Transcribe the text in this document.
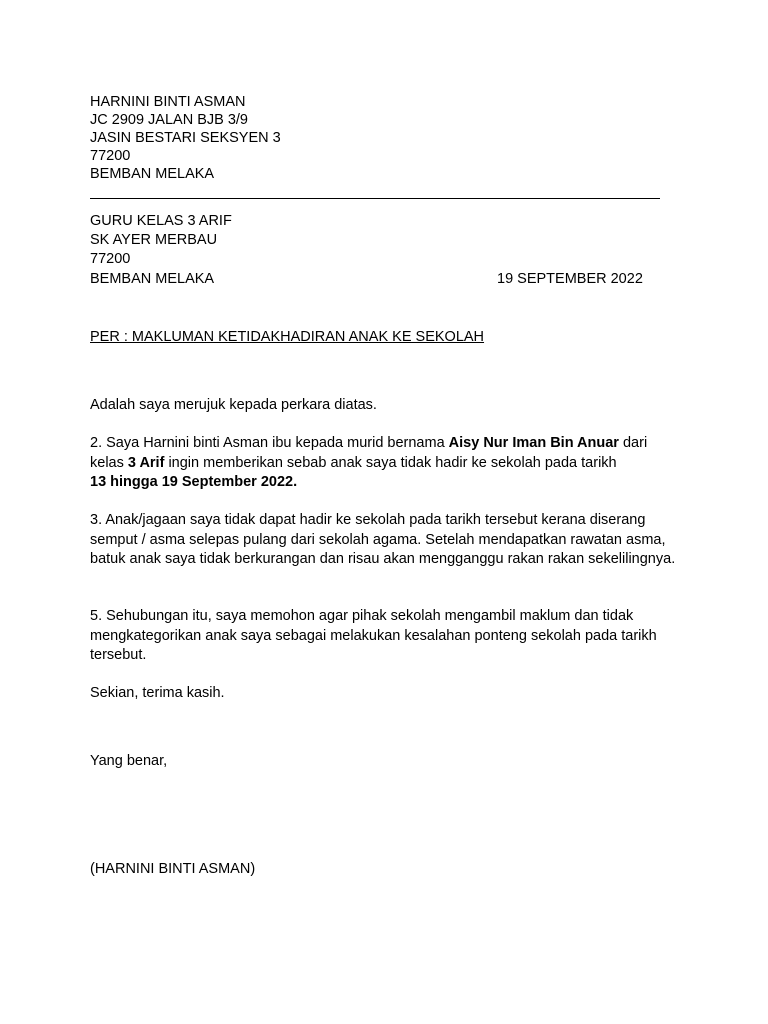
HARNINI BINTI ASMAN
JC 2909 JALAN BJB 3/9
JASIN BESTARI SEKSYEN 3
77200
BEMBAN MELAKA
GURU KELAS 3 ARIF
SK AYER MERBAU
77200
BEMBAN MELAKA	19 SEPTEMBER 2022
PER : MAKLUMAN KETIDAKHADIRAN ANAK KE SEKOLAH
Adalah saya merujuk kepada perkara diatas.
2. Saya Harnini binti Asman ibu kepada murid bernama Aisy Nur Iman Bin Anuar dari kelas 3 Arif ingin memberikan sebab anak saya tidak hadir ke sekolah pada tarikh
13 hingga 19 September 2022.
3. Anak/jagaan saya tidak dapat hadir ke sekolah pada tarikh tersebut kerana diserang semput / asma selepas pulang dari sekolah agama. Setelah mendapatkan rawatan asma, batuk anak saya tidak berkurangan dan risau akan mengganggu rakan rakan sekelilingnya.
5. Sehubungan itu, saya memohon agar pihak sekolah mengambil maklum dan tidak mengkategorikan anak saya sebagai melakukan kesalahan ponteng sekolah pada tarikh tersebut.
Sekian, terima kasih.
Yang benar,
(HARNINI BINTI ASMAN)
